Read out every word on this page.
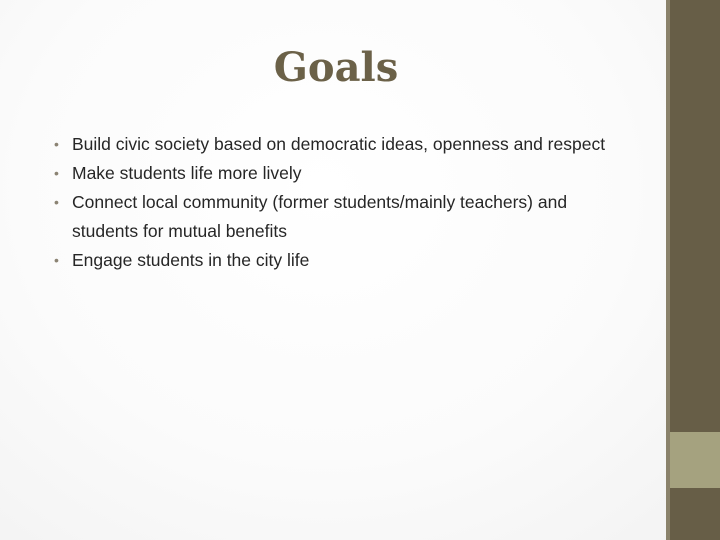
Goals
• Build civic society based on democratic ideas, openness and respect
• Make students life more lively
• Connect local community (former students/mainly teachers) and students for mutual benefits
• Engage students in the city life
